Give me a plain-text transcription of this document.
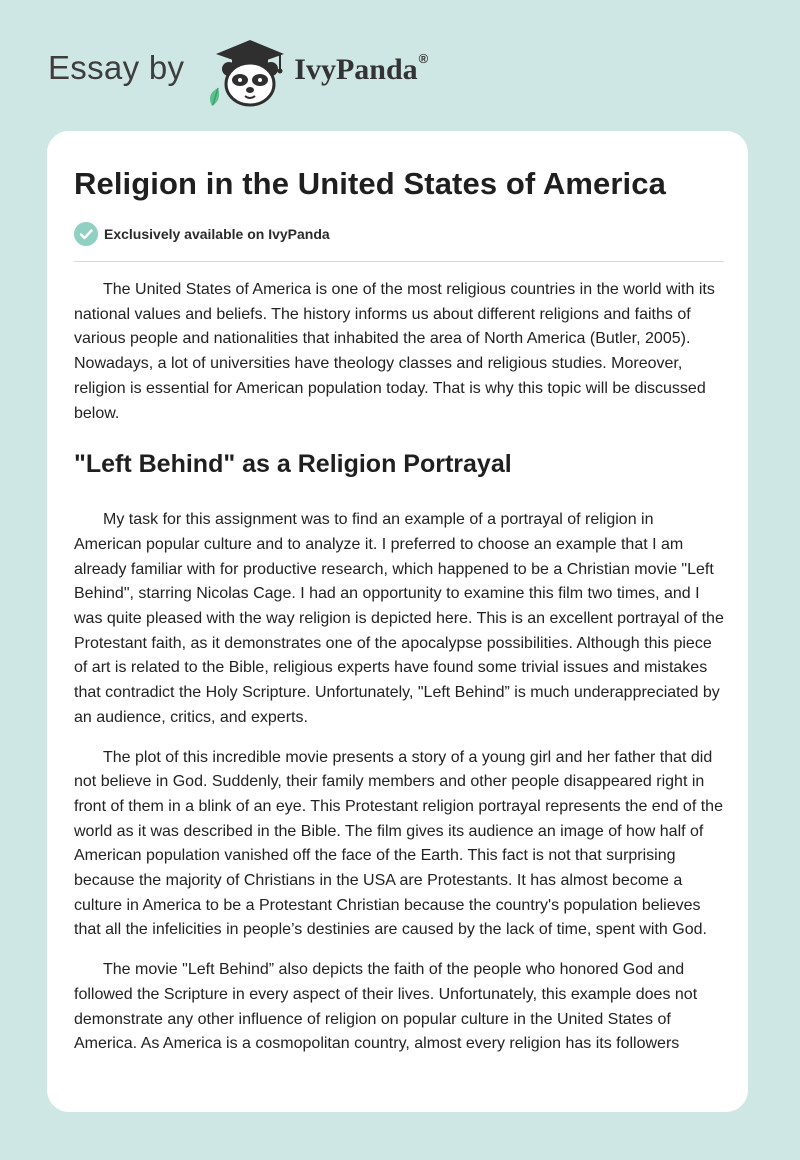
Essay by	IvyPanda ®
Religion in the United States of America
Exclusively available on IvyPanda

The United States of America is one of the most religious countries in the world with its national values and beliefs. The history informs us about different religions and faiths of various people and nationalities that inhabited the area of North America (Butler, 2005). Nowadays, a lot of universities have theology classes and religious studies. Moreover, religion is essential for American population today. That is why this topic will be discussed below.

"Left Behind" as a Religion Portrayal

My task for this assignment was to find an example of a portrayal of religion in American popular culture and to analyze it. I preferred to choose an example that I am already familiar with for productive research, which happened to be a Christian movie "Left Behind", starring Nicolas Cage. I had an opportunity to examine this film two times, and I was quite pleased with the way religion is depicted here. This is an excellent portrayal of the Protestant faith, as it demonstrates one of the apocalypse possibilities. Although this piece of art is related to the Bible, religious experts have found some trivial issues and mistakes that contradict the Holy Scripture. Unfortunately, "Left Behind” is much underappreciated by an audience, critics, and experts.

The plot of this incredible movie presents a story of a young girl and her father that did not believe in God. Suddenly, their family members and other people disappeared right in front of them in a blink of an eye. This Protestant religion portrayal represents the end of the world as it was described in the Bible. The film gives its audience an image of how half of American population vanished off the face of the Earth. This fact is not that surprising because the majority of Christians in the USA are Protestants. It has almost become a culture in America to be a Protestant Christian because the country's population believes that all the infelicities in people’s destinies are caused by the lack of time, spent with God.

The movie "Left Behind” also depicts the faith of the people who honored God and followed the Scripture in every aspect of their lives. Unfortunately, this example does not demonstrate any other influence of religion on popular culture in the United States of America. As America is a cosmopolitan country, almost every religion has its followers
